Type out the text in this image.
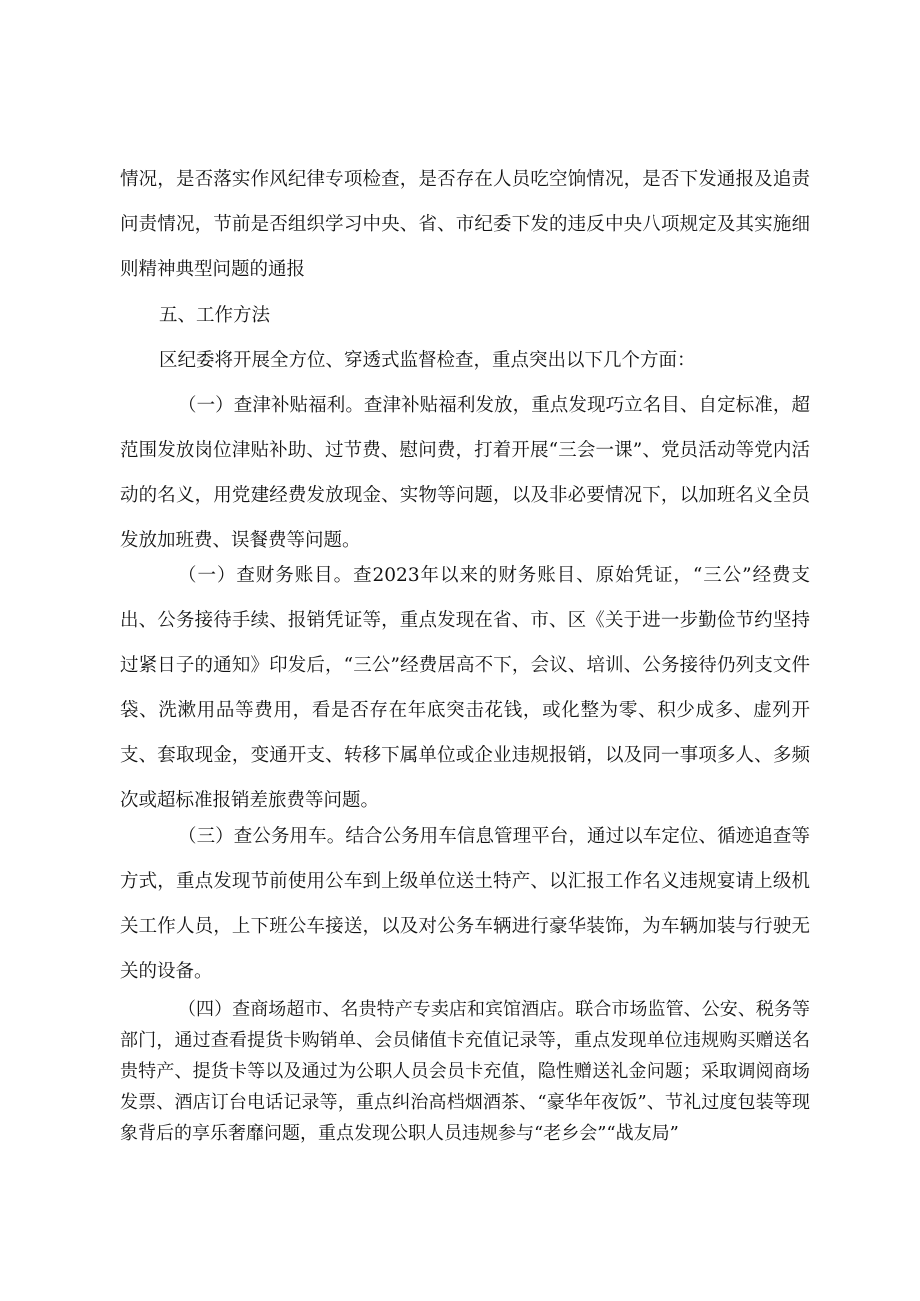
情况，是否落实作风纪律专项检查，是否存在人员吃空饷情况，是否下发通报及追责问责情况，节前是否组织学习中央、省、市纪委下发的违反中央八项规定及其实施细则精神典型问题的通报

五、工作方法

区纪委将开展全方位、穿透式监督检查，重点突出以下几个方面：

（一）查津补贴福利。查津补贴福利发放，重点发现巧立名目、自定标准，超范围发放岗位津贴补助、过节费、慰问费，打着开展“三会一课”、党员活动等党内活动的名义，用党建经费发放现金、实物等问题，以及非必要情况下，以加班名义全员发放加班费、误餐费等问题。

（一）查财务账目。查2023年以来的财务账目、原始凭证，“三公”经费支出、公务接待手续、报销凭证等，重点发现在省、市、区《关于进一步勤俭节约坚持过紧日子的通知》印发后，“三公”经费居高不下，会议、培训、公务接待仍列支文件袋、洗漱用品等费用，看是否存在年底突击花钱，或化整为零、积少成多、虚列开支、套取现金，变通开支、转移下属单位或企业违规报销，以及同一事项多人、多频次或超标准报销差旅费等问题。

（三）查公务用车。结合公务用车信息管理平台，通过以车定位、循迹追查等方式，重点发现节前使用公车到上级单位送土特产、以汇报工作名义违规宴请上级机关工作人员，上下班公车接送，以及对公务车辆进行豪华装饰，为车辆加装与行驶无关的设备。

（四）查商场超市、名贵特产专卖店和宾馆酒店。联合市场监管、公安、税务等部门，通过查看提货卡购销单、会员储值卡充值记录等，重点发现单位违规购买赠送名贵特产、提货卡等以及通过为公职人员会员卡充值，隐性赠送礼金问题；采取调阅商场发票、酒店订台电话记录等，重点纠治高档烟酒茶、“豪华年夜饭”、节礼过度包装等现象背后的享乐奢靡问题，重点发现公职人员违规参与“老乡会”“战友局”
